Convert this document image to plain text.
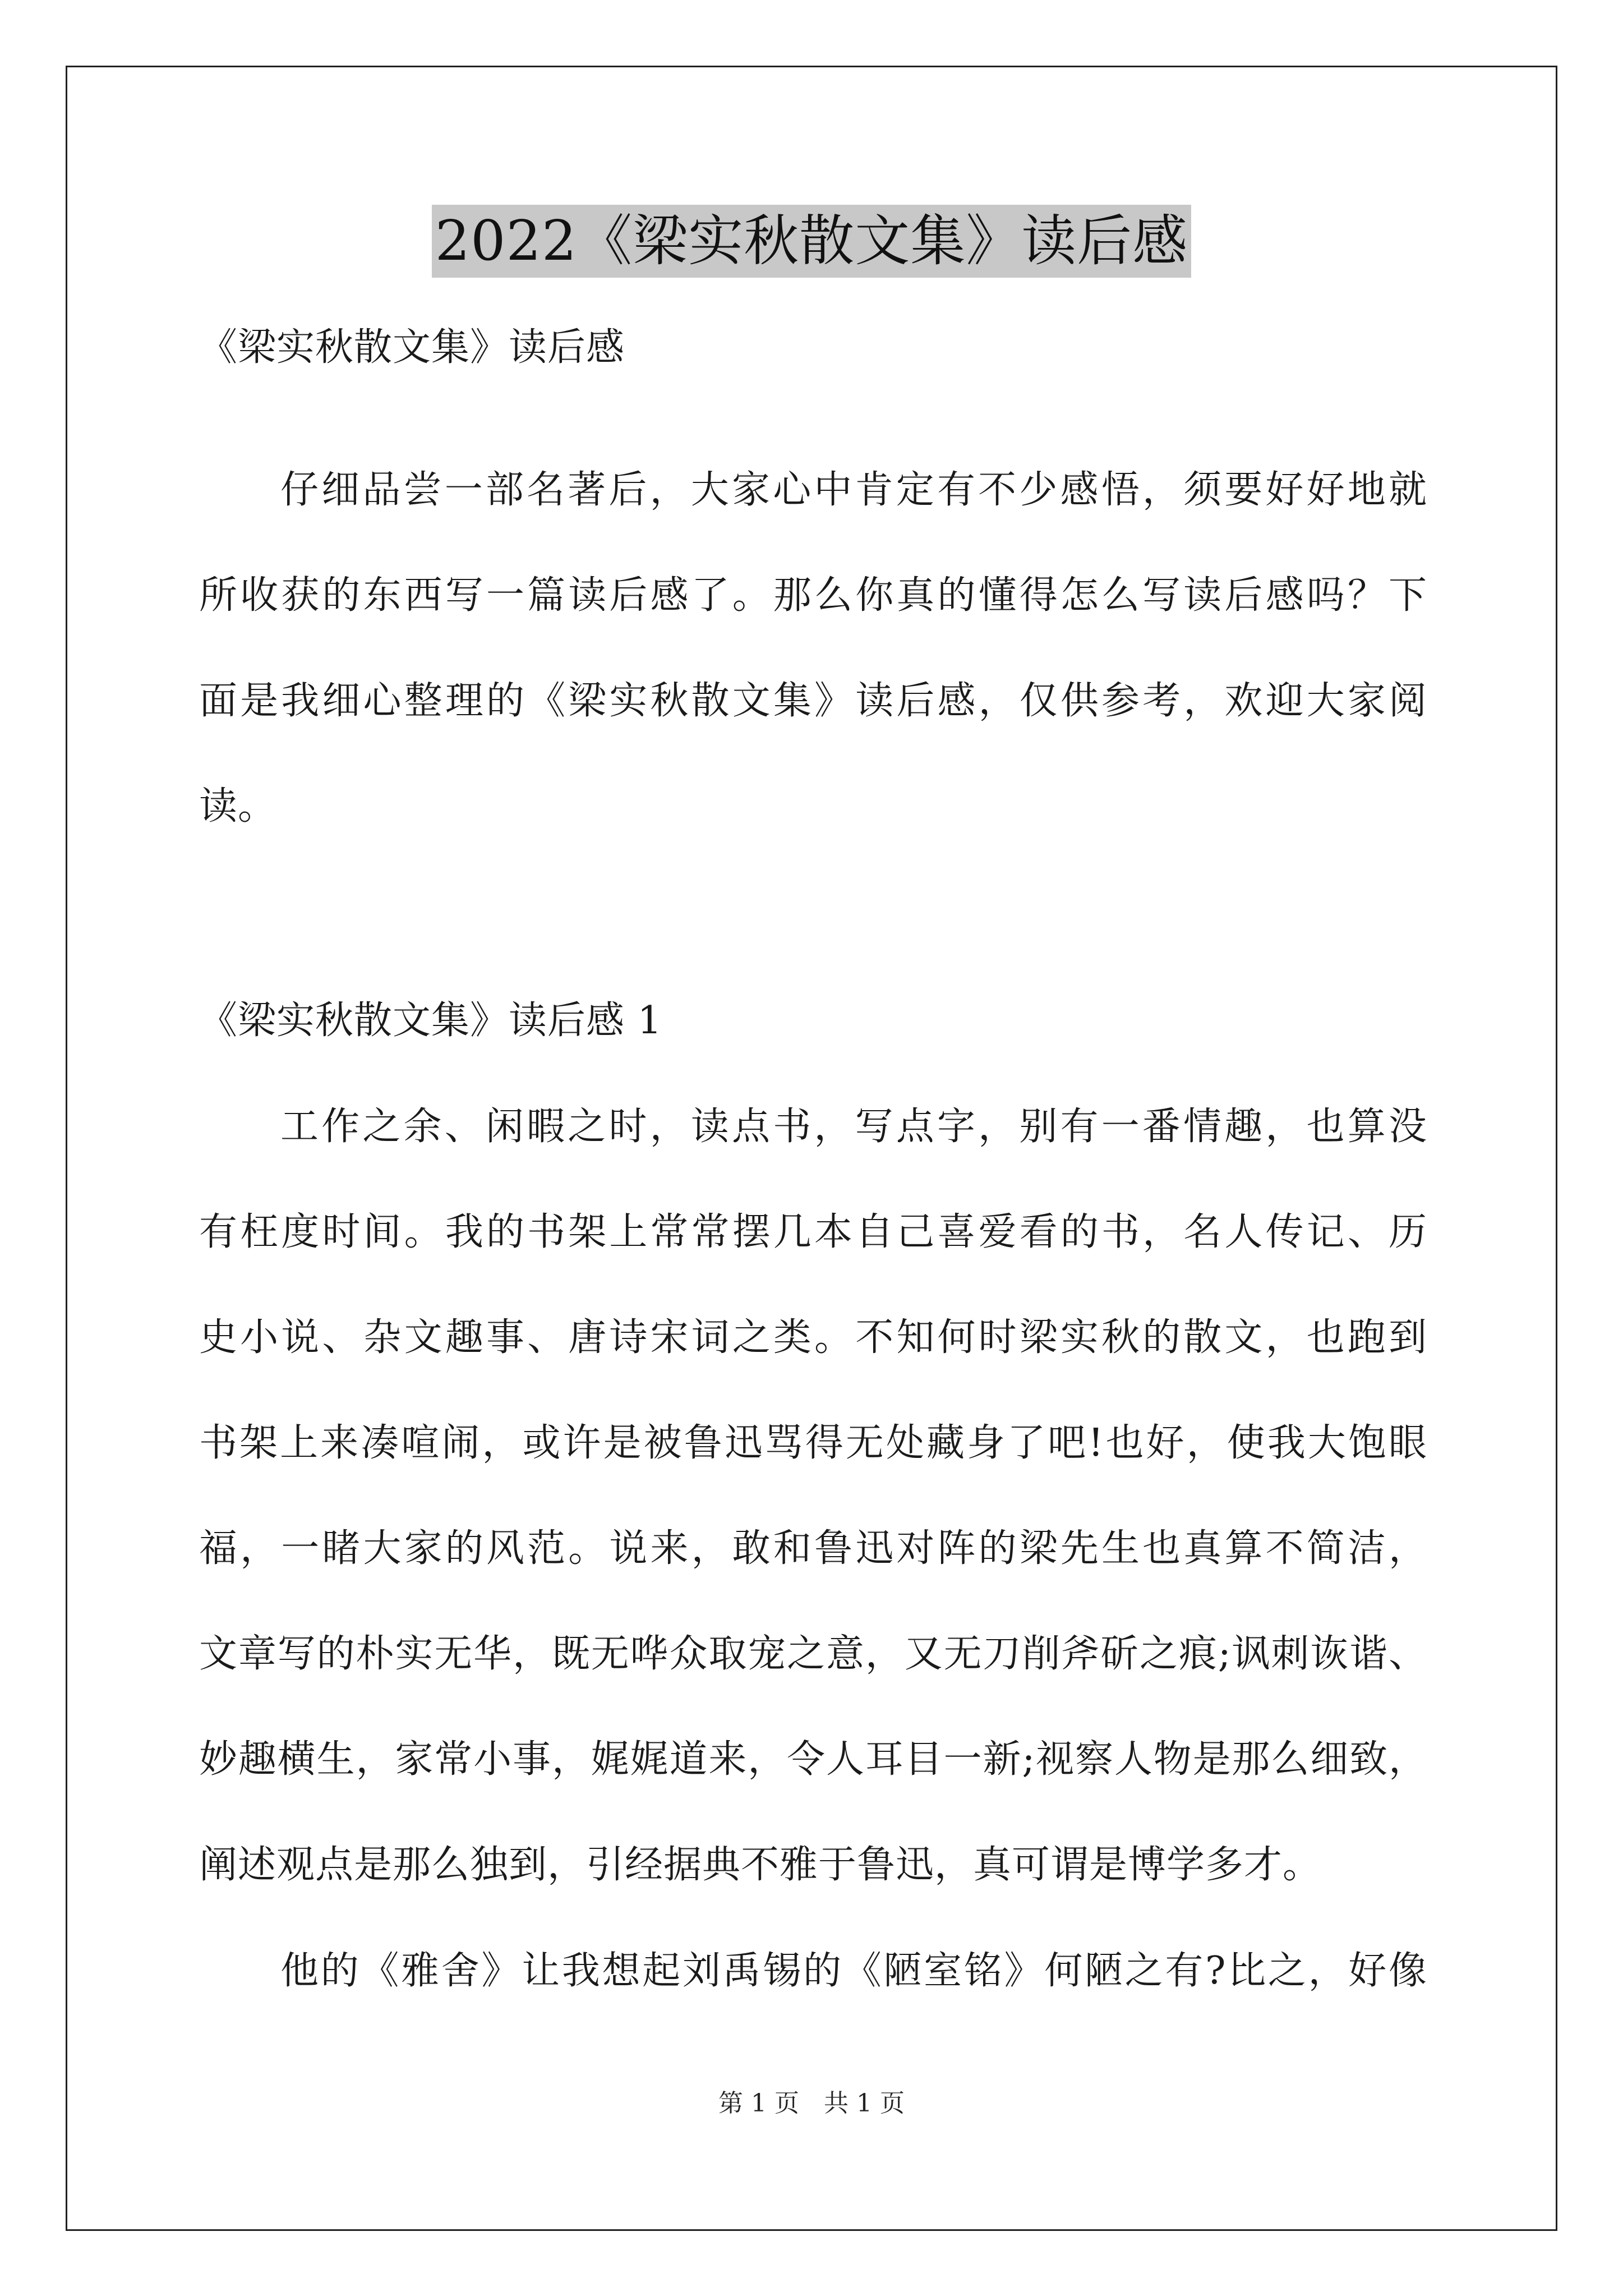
2022《梁实秋散文集》读后感
《梁实秋散文集》读后感
仔细品尝一部名著后，大家心中肯定有不少感悟，须要好好地就
所收获的东西写一篇读后感了。那么你真的懂得怎么写读后感吗？下
面是我细心整理的《梁实秋散文集》读后感，仅供参考，欢迎大家阅
读。
《梁实秋散文集》读后感 1
工作之余、闲暇之时，读点书，写点字，别有一番情趣，也算没
有枉度时间。我的书架上常常摆几本自己喜爱看的书，名人传记、历
史小说、杂文趣事、唐诗宋词之类。不知何时梁实秋的散文，也跑到
书架上来凑喧闹，或许是被鲁迅骂得无处藏身了吧!也好，使我大饱眼
福，一睹大家的风范。说来，敢和鲁迅对阵的梁先生也真算不简洁，
文章写的朴实无华，既无哗众取宠之意，又无刀削斧斫之痕;讽刺诙谐、
妙趣横生，家常小事，娓娓道来，令人耳目一新;视察人物是那么细致，
阐述观点是那么独到，引经据典不雅于鲁迅，真可谓是博学多才。
他的《雅舍》让我想起刘禹锡的《陋室铭》何陋之有?比之，好像
第 1 页　共 1 页
